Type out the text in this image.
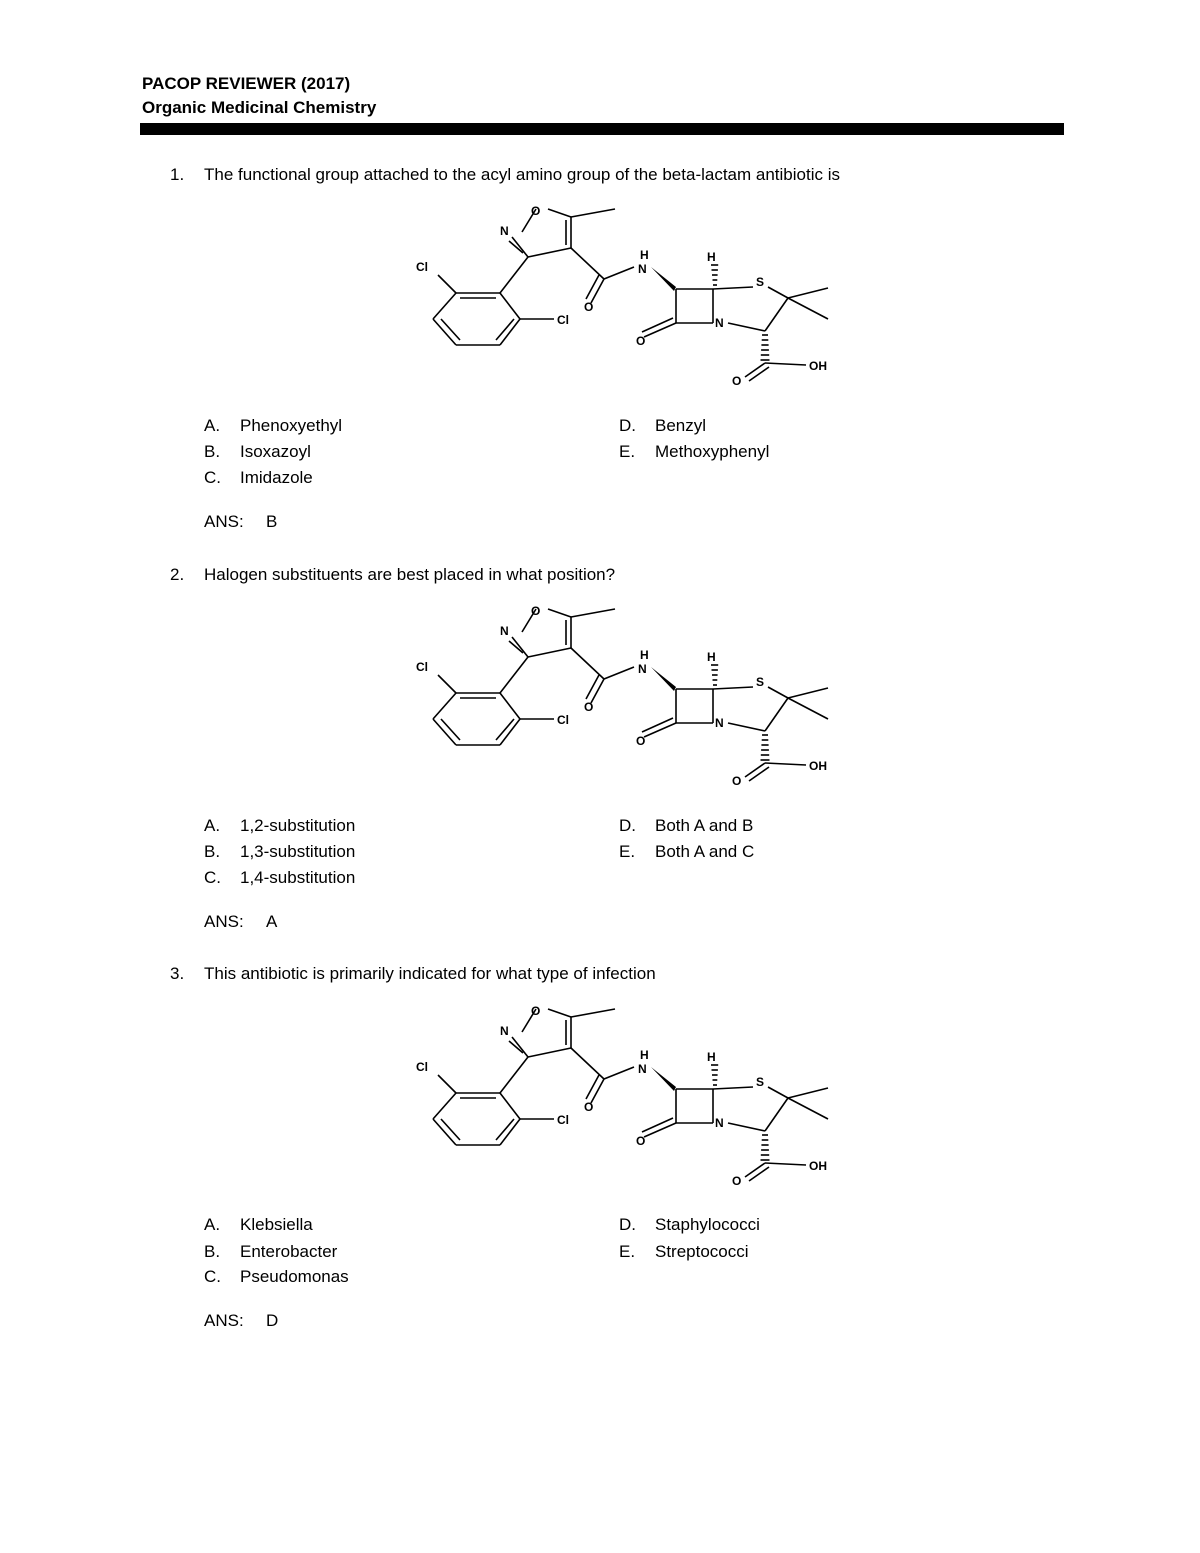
PACOP REVIEWER (2017)
Organic Medicinal Chemistry
1. The functional group attached to the acyl amino group of the beta-lactam antibiotic is
O
N
Cl
Cl
O
N
H
O
N
H
S
O
OH
A. Phenoxyethyl
B. Isoxazoyl
C. Imidazole
D. Benzyl
E. Methoxyphenyl
ANS: B
2. Halogen substituents are best placed in what position?
O
N
Cl
Cl
O
N
H
O
N
H
S
O
OH
A. 1,2-substitution
B. 1,3-substitution
C. 1,4-substitution
D. Both A and B
E. Both A and C
ANS: A
3. This antibiotic is primarily indicated for what type of infection
O
N
Cl
Cl
O
N
H
O
N
H
S
O
OH
A. Klebsiella
B. Enterobacter
C. Pseudomonas
D. Staphylococci
E. Streptococci
ANS: D
